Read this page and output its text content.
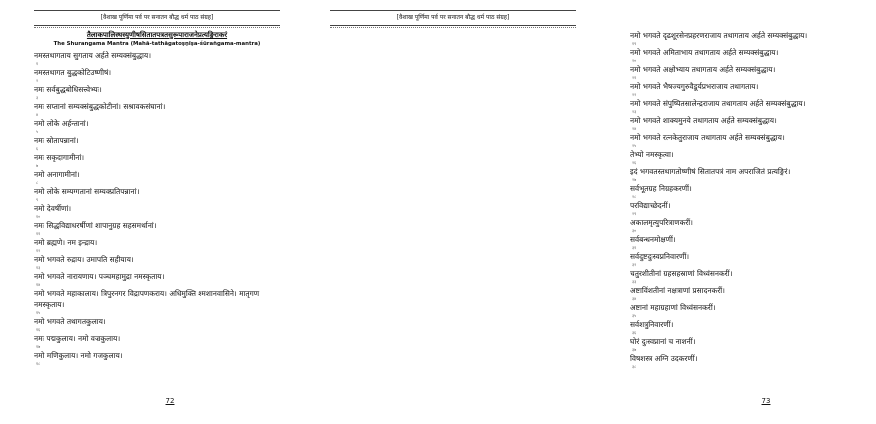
[वैशाख पूर्णिमा पर्व पर सनातन बौद्ध धर्म पाठ संग्रह]
तैलाकपालिस्थस्युणीषसितातपत्रतसुरूपाराजनेप्रत्यङ्गिराकरं
The Shurangama Mantra (Mahā-tathāgatoṣṇīṣa-śūraṅgama-mantra)
नमस्तथागताय सुगताय अर्हते सम्यक्संबुद्धाय।
१
नमस्तथागत बुद्धकोटिउष्णीषं।
२
नमः सर्वबुद्धबोधिसत्त्वेभ्यः।
३
नमः सप्तानां सम्यक्संबुद्धकोटीनां। सश्रावकसंघानां।
४
नमो लोके अर्हन्तानां।
५
नमः स्रोतापन्नानां।
६
नमः सकृदागामीनां।
७
नमो अनागामीनां।
८
नमो लोके सम्यग्गतानां सम्यक्प्रतिपन्नानां।
९
नमो देवर्षीणां।
१०
नमः सिद्धविद्याधरर्षीणां शापानुग्रह सहसमर्थानां।
११
नमो ब्रह्मणे। नम इन्द्राय।
१२
नमो भगवते रुद्राय। उमापति सहीयाय।
१३
नमो भगवते नारायणाय। पञ्चमहामुद्रा नमस्कृताय।
१४
नमो भगवते महाकालाय। त्रिपुरनगर विद्रापणकराय। अधिमुक्ति श्मशानवासिने। मातृगण नमस्कृताय।
१५
नमो भगवते तथागतकुलाय।
१६
नमः पद्मकुलाय। नमो वज्रकुलाय।
१७
नमो मणिकुलाय। नमो गजकुलाय।
१८
72
नमो भगवते दृढशूरसेनप्रहरणराजाय तथागताय अर्हते सम्यक्संबुद्धाय।
१९
नमो भगवते अमिताभाय तथागताय अर्हते सम्यक्संबुद्धाय।
२०
नमो भगवते अक्षोभ्याय तथागताय अर्हते सम्यक्संबुद्धाय।
२१
नमो भगवते भैषज्यगुरुवैडूर्यप्रभराजाय तथागताय।
२२
नमो भगवते संपुष्पितसालेन्द्रराजाय तथागताय अर्हते सम्यक्संबुद्धाय।
२३
नमो भगवते शाक्यमुनये तथागताय अर्हते सम्यक्संबुद्धाय।
२४
नमो भगवते रत्नकेतुराजाय तथागताय अर्हते सम्यक्संबुद्धाय।
२५
तेभ्यो नमस्कृत्वा।
२६
इदं भगवतस्तथागतोष्णीषं सितातपत्रं नाम अपराजितं प्रत्यङ्गिरं।
२७
सर्वभूतग्रह निग्रहकरणीं।
२८
परविद्याच्छेदनीं।
२९
अकालमृत्युपरित्राणकरीं।
३०
सर्वबन्धनमोक्षणीं।
३१
सर्वदुष्टदुःस्वप्ननिवारणीं।
३२
चतुरशीतीनां ग्रहसहस्राणां विध्वंसनकरीं।
३३
अष्टाविंशतीनां नक्षत्राणां प्रसादनकरीं।
३४
अष्टानां महाग्रहाणां विध्वंसनकरीं।
३५
सर्वशत्रुनिवारणीं।
३६
घोरं दुःस्वप्नानां च नाशनीं।
३७
विषशस्त्र अग्नि उदकरणीं।
३८
73
[वैशाख पूर्णिमा पर्व पर सनातन बौद्ध धर्म पाठ संग्रह]
